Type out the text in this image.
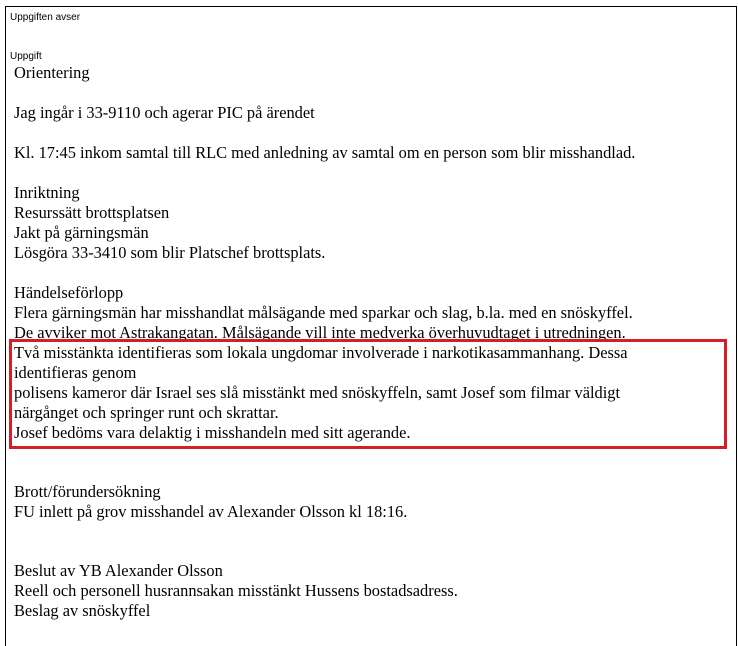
Uppgiften avser
Uppgift
Orientering
Jag ingår i 33-9110 och agerar PIC på ärendet
Kl. 17:45 inkom samtal till RLC med anledning av samtal om en person som blir misshandlad.
Inriktning
Resurssätt brottsplatsen
Jakt på gärningsmän
Lösgöra 33-3410 som blir Platschef brottsplats.
Händelseförlopp
Flera gärningsmän har misshandlat målsägande med sparkar och slag, b.la. med en snöskyffel.
De avviker mot Astrakangatan. Målsägande vill inte medverka överhuvudtaget i utredningen.
Två misstänkta identifieras som lokala ungdomar involverade i narkotikasammanhang. Dessa
identifieras genom
polisens kameror där Israel ses slå misstänkt med snöskyffeln, samt Josef som filmar väldigt
närgånget och springer runt och skrattar.
Josef bedöms vara delaktig i misshandeln med sitt agerande.
Brott/förundersökning
FU inlett på grov misshandel av Alexander Olsson kl 18:16.
Beslut av YB Alexander Olsson
Reell och personell husrannsakan misstänkt Hussens bostadsadress.
Beslag av snöskyffel
